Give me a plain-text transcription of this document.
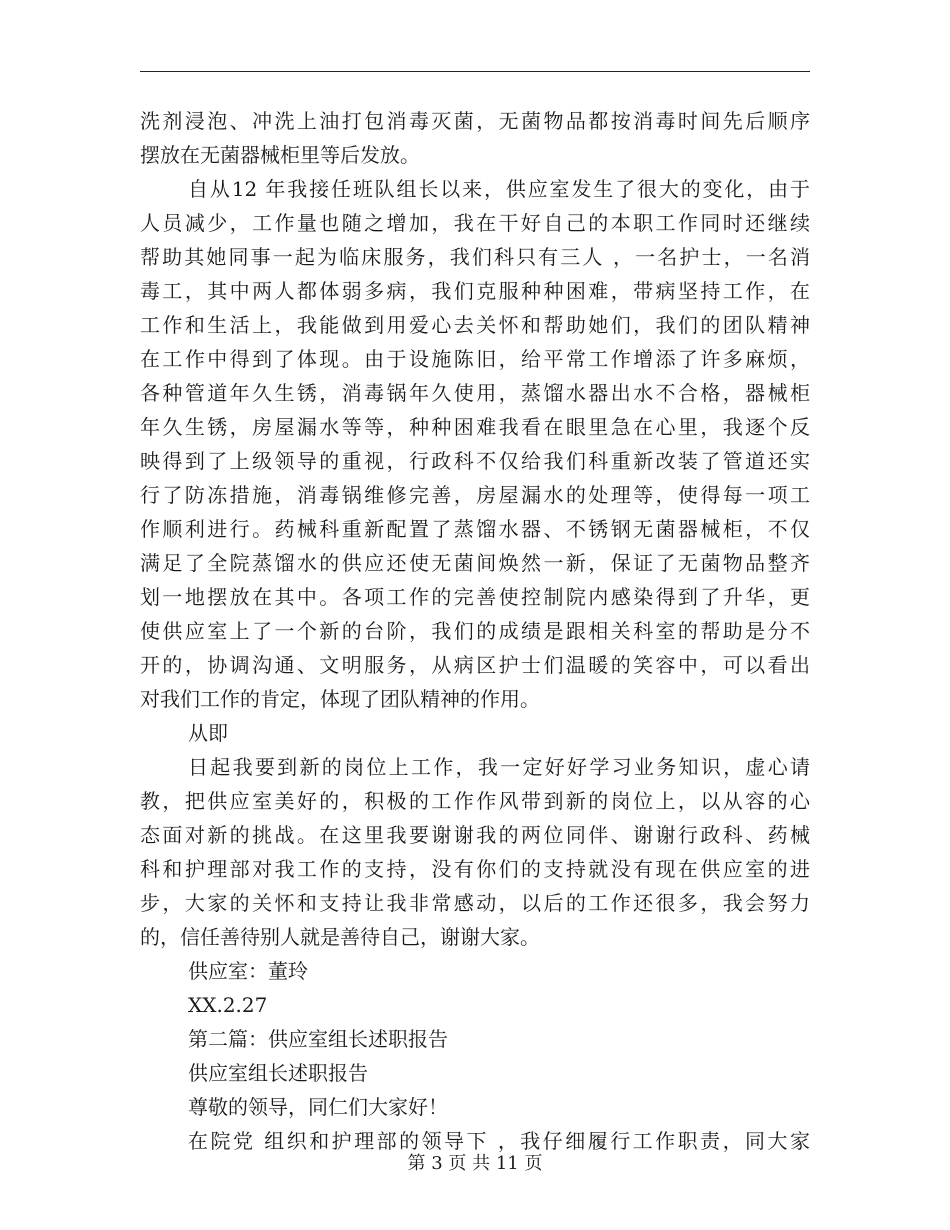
洗剂浸泡、冲洗上油打包消毒灭菌，无菌物品都按消毒时间先后顺序
摆放在无菌器械柜里等后发放。
自从12 年我接任班队组长以来，供应室发生了很大的变化，由于
人员减少，工作量也随之增加，我在干好自己的本职工作同时还继续
帮助其她同事一起为临床服务，我们科只有三人 ，一名护士，一名消
毒工，其中两人都体弱多病，我们克服种种困难，带病坚持工作，在
工作和生活上，我能做到用爱心去关怀和帮助她们，我们的团队精神
在工作中得到了体现。由于设施陈旧，给平常工作增添了许多麻烦，
各种管道年久生锈，消毒锅年久使用，蒸馏水器出水不合格，器械柜
年久生锈，房屋漏水等等，种种困难我看在眼里急在心里，我逐个反
映得到了上级领导的重视，行政科不仅给我们科重新改装了管道还实
行了防冻措施，消毒锅维修完善，房屋漏水的处理等，使得每一项工
作顺利进行。药械科重新配置了蒸馏水器、不锈钢无菌器械柜，不仅
满足了全院蒸馏水的供应还使无菌间焕然一新，保证了无菌物品整齐
划一地摆放在其中。各项工作的完善使控制院内感染得到了升华，更
使供应室上了一个新的台阶，我们的成绩是跟相关科室的帮助是分不
开的，协调沟通、文明服务，从病区护士们温暖的笑容中，可以看出
对我们工作的肯定，体现了团队精神的作用。
从即
日起我要到新的岗位上工作，我一定好好学习业务知识，虚心请
教，把供应室美好的，积极的工作作风带到新的岗位上，以从容的心
态面对新的挑战。在这里我要谢谢我的两位同伴、谢谢行政科、药械
科和护理部对我工作的支持，没有你们的支持就没有现在供应室的进
步，大家的关怀和支持让我非常感动，以后的工作还很多，我会努力
的，信任善待别人就是善待自己，谢谢大家。
供应室：董玲
XX.2.27
第二篇：供应室组长述职报告
供应室组长述职报告
尊敬的领导，同仁们大家好！
在院党 组织和护理部的领导下 ，我仔细履行工作职责，同大家
第 3 页 共 11 页
